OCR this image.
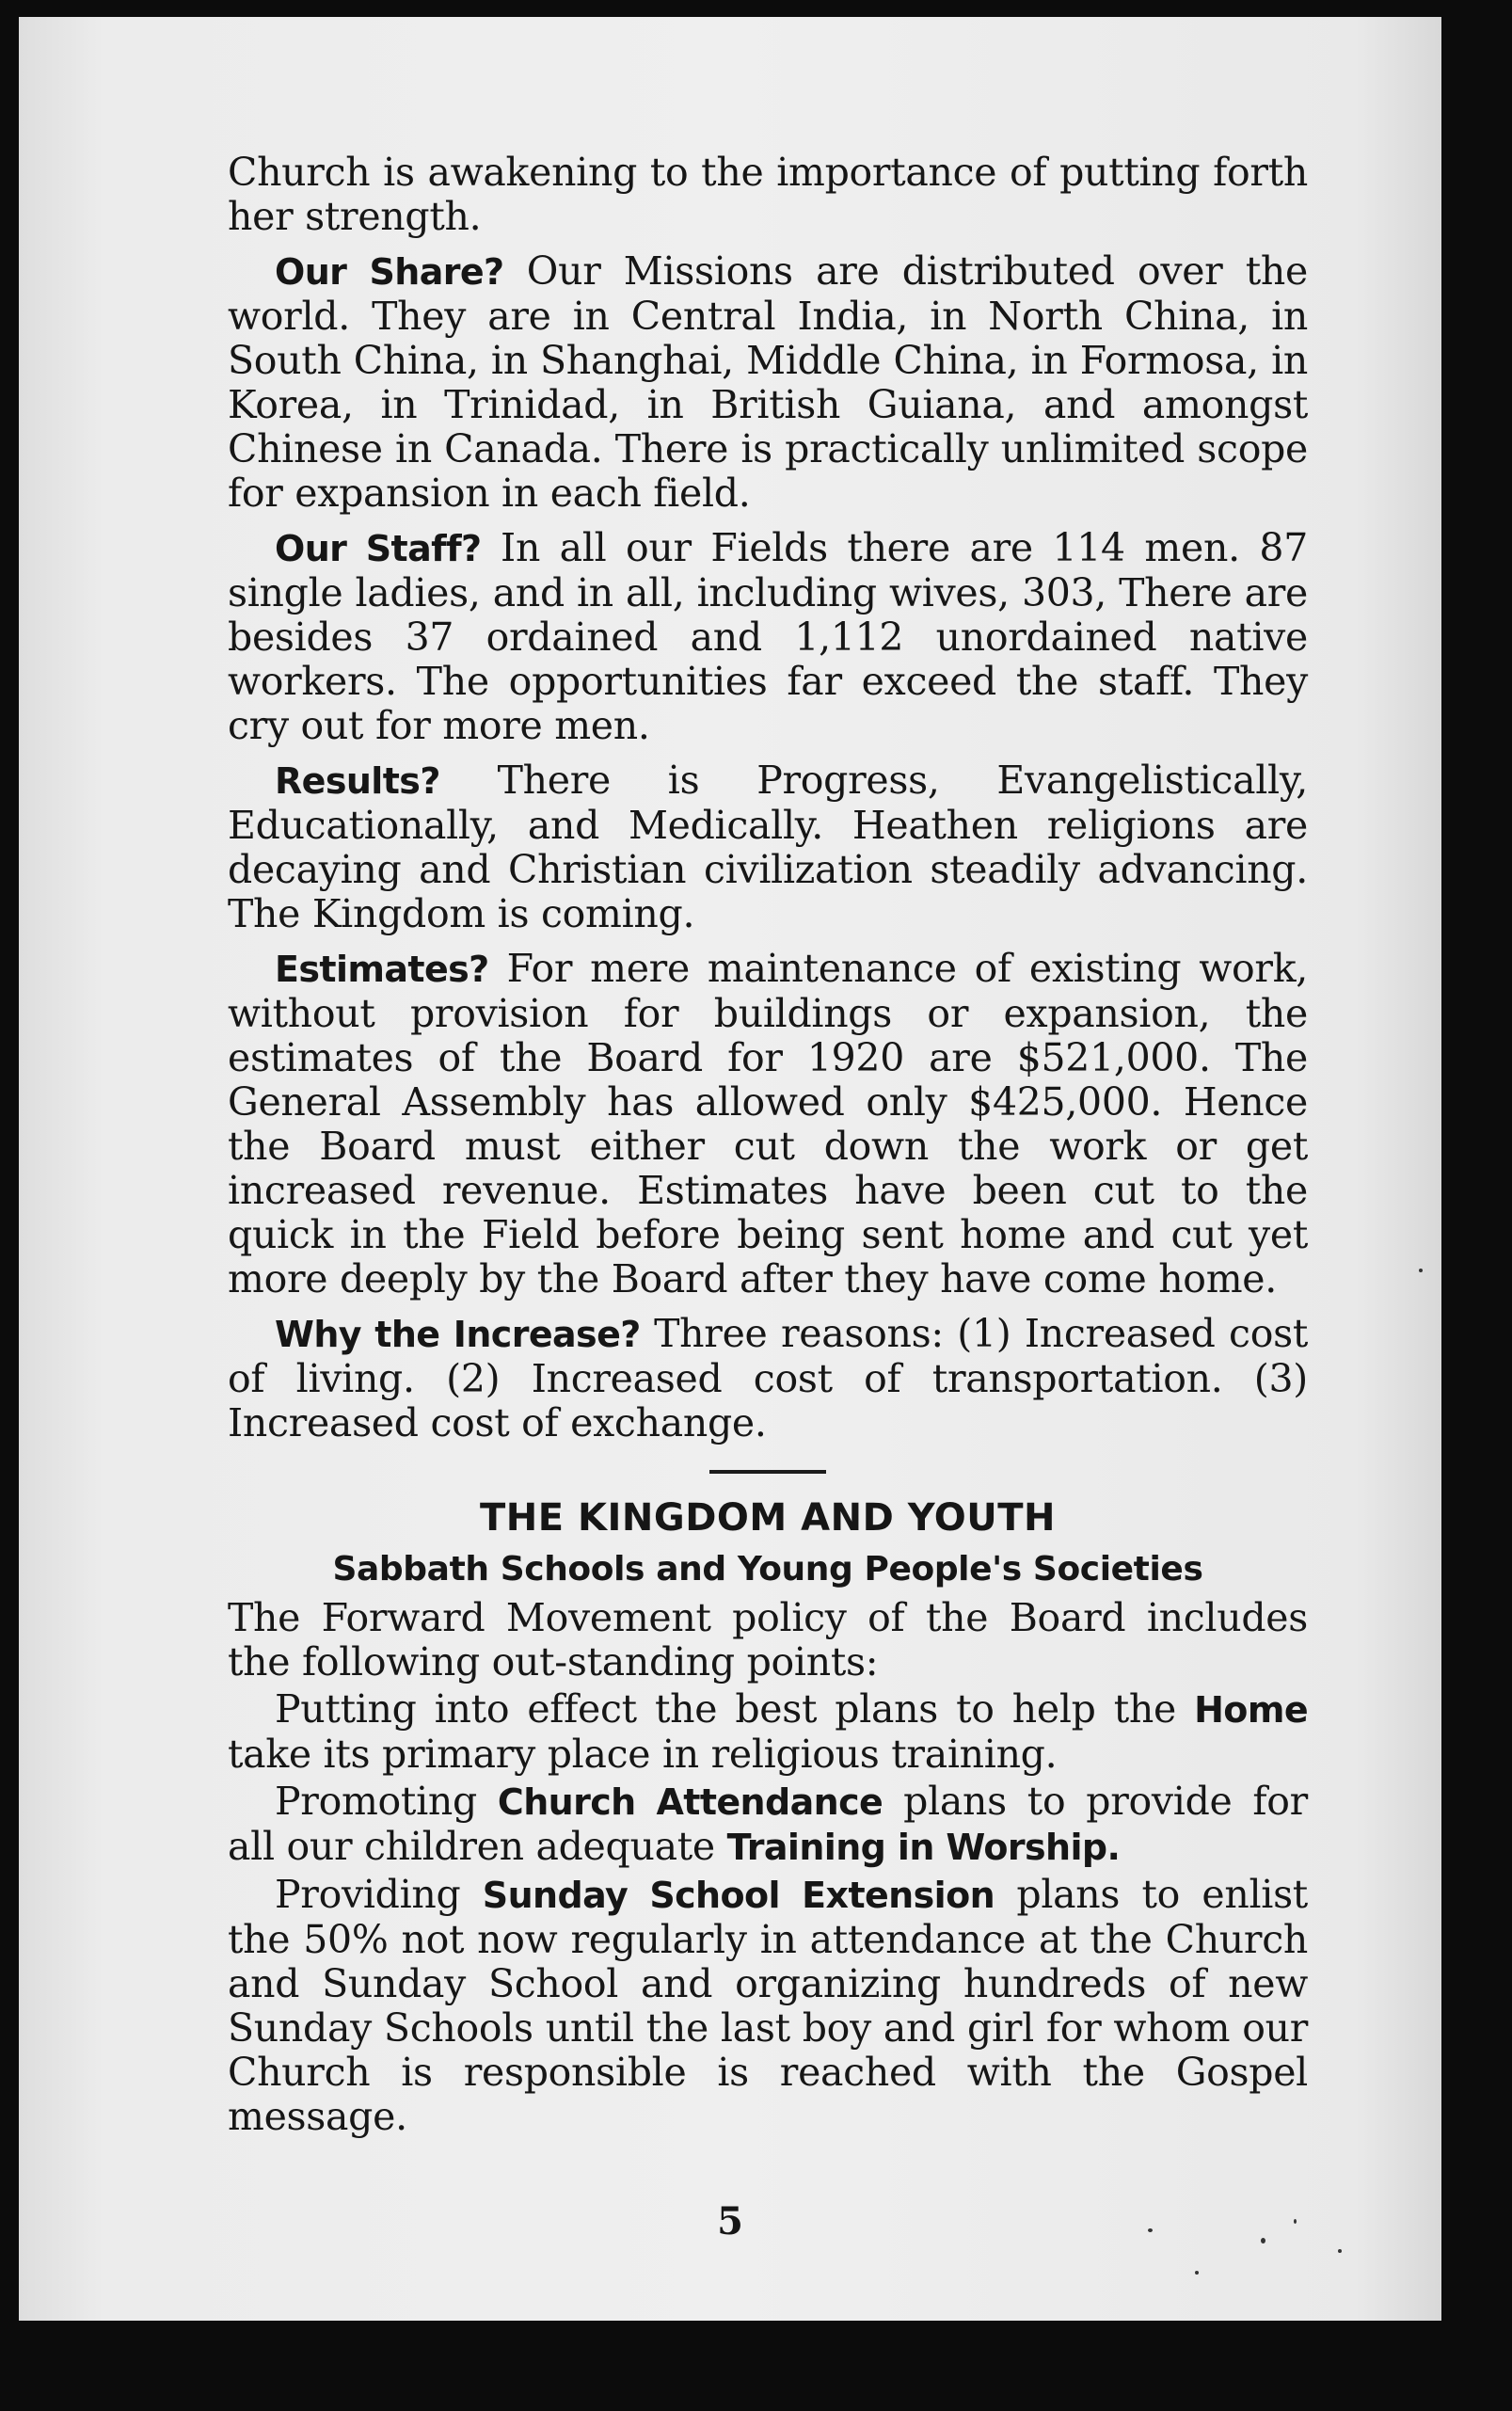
Church is awakening to the importance of putting forth her strength.

Our Share? Our Missions are distributed over the world. They are in Central India, in North China, in South China, in Shanghai, Middle China, in Formosa, in Korea, in Trinidad, in British Guiana, and amongst Chinese in Canada. There is practically unlimited scope for expansion in each field.

Our Staff? In all our Fields there are 114 men. 87 single ladies, and in all, including wives, 303, There are besides 37 ordained and 1,112 unordained native workers. The opportunities far exceed the staff. They cry out for more men.

Results? There is Progress, Evangelistically, Educationally, and Medically. Heathen religions are decaying and Christian civilization steadily advancing. The Kingdom is coming.

Estimates? For mere maintenance of existing work, without provision for buildings or expansion, the estimates of the Board for 1920 are $521,000. The General Assembly has allowed only $425,000. Hence the Board must either cut down the work or get increased revenue. Estimates have been cut to the quick in the Field before being sent home and cut yet more deeply by the Board after they have come home.

Why the Increase? Three reasons: (1) Increased cost of living. (2) Increased cost of transportation. (3) Increased cost of exchange.

THE KINGDOM AND YOUTH
Sabbath Schools and Young People's Societies

The Forward Movement policy of the Board includes the following out-standing points:

Putting into effect the best plans to help the Home take its primary place in religious training.

Promoting Church Attendance plans to provide for all our children adequate Training in Worship.

Providing Sunday School Extension plans to enlist the 50% not now regularly in attendance at the Church and Sunday School and organizing hundreds of new Sunday Schools until the last boy and girl for whom our Church is responsible is reached with the Gospel message.

5
